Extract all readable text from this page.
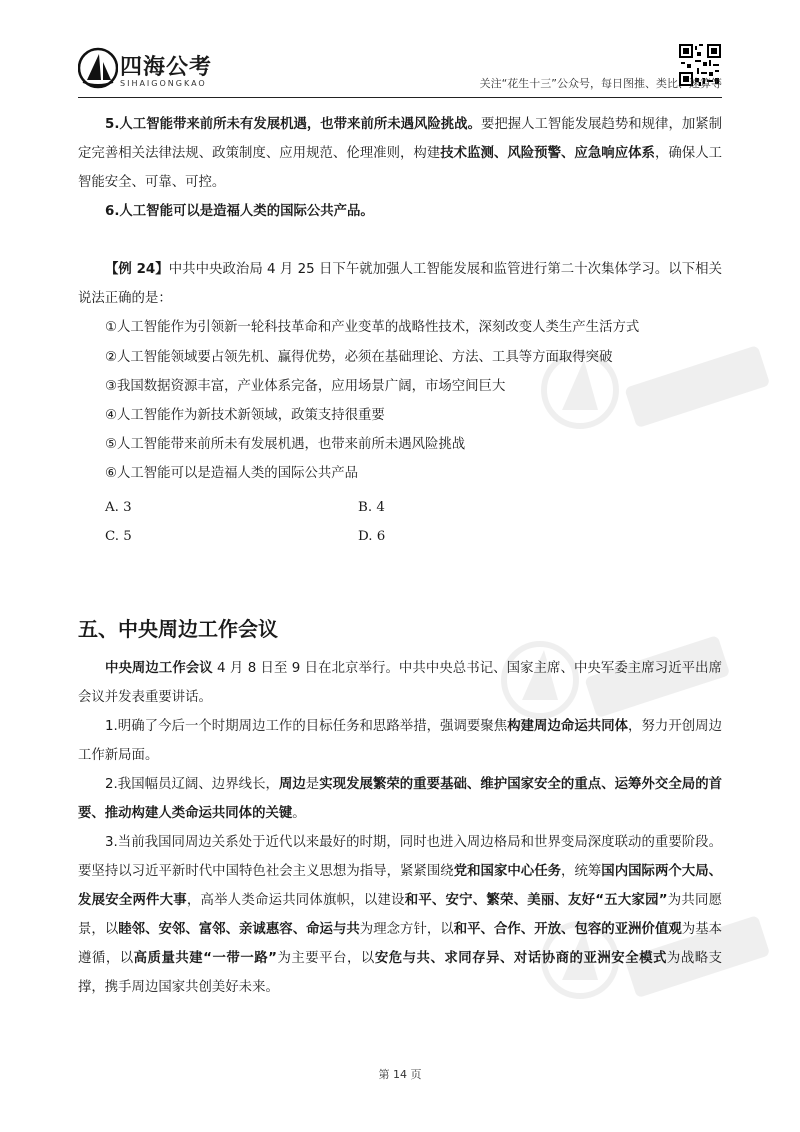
四海公考
SIHAIGONGKAO	关注“花生十三”公众号，每日图推、类比、速算等
5.人工智能带来前所未有发展机遇，也带来前所未遇风险挑战。要把握人工智能发展趋势和规律，加紧制定完善相关法律法规、政策制度、应用规范、伦理准则，构建技术监测、风险预警、应急响应体系，确保人工智能安全、可靠、可控。
6.人工智能可以是造福人类的国际公共产品。
【例 24】中共中央政治局 4 月 25 日下午就加强人工智能发展和监管进行第二十次集体学习。以下相关说法正确的是：
①人工智能作为引领新一轮科技革命和产业变革的战略性技术，深刻改变人类生产生活方式
②人工智能领域要占领先机、赢得优势，必须在基础理论、方法、工具等方面取得突破
③我国数据资源丰富，产业体系完备，应用场景广阔，市场空间巨大
④人工智能作为新技术新领域，政策支持很重要
⑤人工智能带来前所未有发展机遇，也带来前所未遇风险挑战
⑥人工智能可以是造福人类的国际公共产品
A. 3	B. 4
C. 5	D. 6
中央周边工作会议 4 月 8 日至 9 日在北京举行。中共中央总书记、国家主席、中央军委主席习近平出席会议并发表重要讲话。
1.明确了今后一个时期周边工作的目标任务和思路举措，强调要聚焦构建周边命运共同体，努力开创周边工作新局面。
2.我国幅员辽阔、边界线长，周边是实现发展繁荣的重要基础、维护国家安全的重点、运筹外交全局的首要、推动构建人类命运共同体的关键。
3.当前我国同周边关系处于近代以来最好的时期，同时也进入周边格局和世界变局深度联动的重要阶段。要坚持以习近平新时代中国特色社会主义思想为指导，紧紧围绕党和国家中心任务，统筹国内国际两个大局、发展安全两件大事，高举人类命运共同体旗帜，以建设和平、安宁、繁荣、美丽、友好“五大家园”为共同愿景，以睦邻、安邻、富邻、亲诚惠容、命运与共为理念方针，以和平、合作、开放、包容的亚洲价值观为基本遵循，以高质量共建“一带一路”为主要平台，以安危与共、求同存异、对话协商的亚洲安全模式为战略支撑，携手周边国家共创美好未来。
五、中央周边工作会议
第 14 页
